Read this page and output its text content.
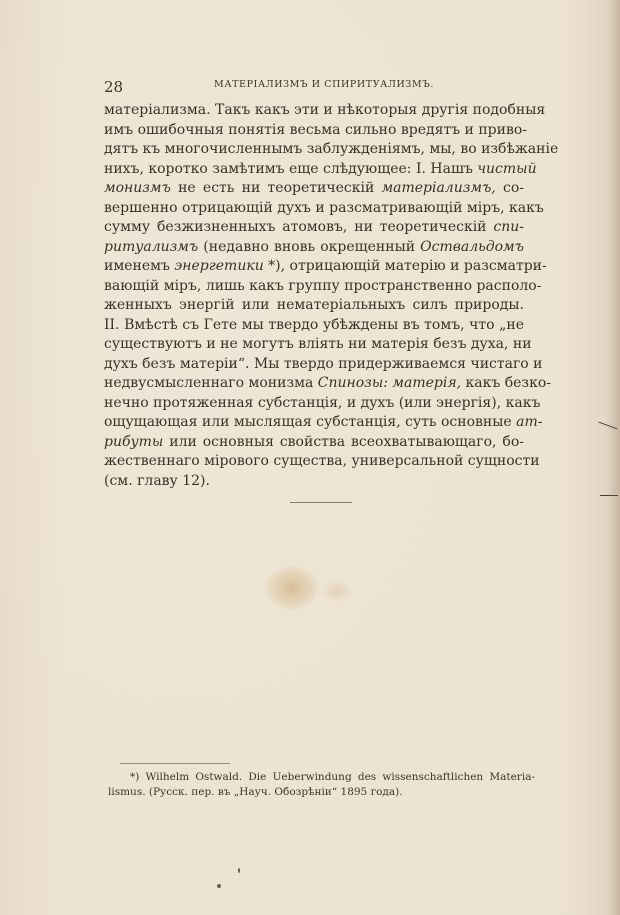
28	МАТЕРІАЛИЗМЪ И СПИРИТУАЛИЗМЪ.
матеріализма. Такъ какъ эти и нѣкоторыя другія подобныя
имъ ошибочныя понятія весьма сильно вредятъ и приво-
дятъ къ многочисленнымъ заблужденіямъ, мы, во избѣжаніе
нихъ, коротко замѣтимъ еще слѣдующее: I. Нашъ чистый
монизмъ не есть ни теоретическій матеріализмъ, со-
вершенно отрицающій духъ и разсматривающій міръ, какъ
сумму безжизненныхъ атомовъ, ни теоретическій спи-
ритуализмъ (недавно вновь окрещенный Оствальдомъ
именемъ энергетики *), отрицающій матерію и разсматри-
вающій міръ, лишь какъ группу пространственно располо-
женныхъ энергій или нематеріальныхъ силъ природы.
II. Вмѣстѣ съ Гете мы твердо убѣждены въ томъ, что „не
существуютъ и не могутъ влiять ни матерія безъ духа, ни
духъ безъ матеріи“. Мы твердо придерживаемся чистаго и
недвусмысленнаго монизма Спинозы: матерія, какъ безко-
нечно протяженная субстанція, и духъ (или энергія), какъ
ощущающая или мыслящая субстанція, суть основные ат-
рибуты или основныя свойства всеохватывающаго, бо-
жественнаго мірового существа, универсальной сущности
(см. главу 12).
*) Wilhelm Ostwald. Die Ueberwindung des wissenschaftlichen Materia-
lismus. (Русск. пер. въ „Науч. Обозрѣніи“ 1895 года).
